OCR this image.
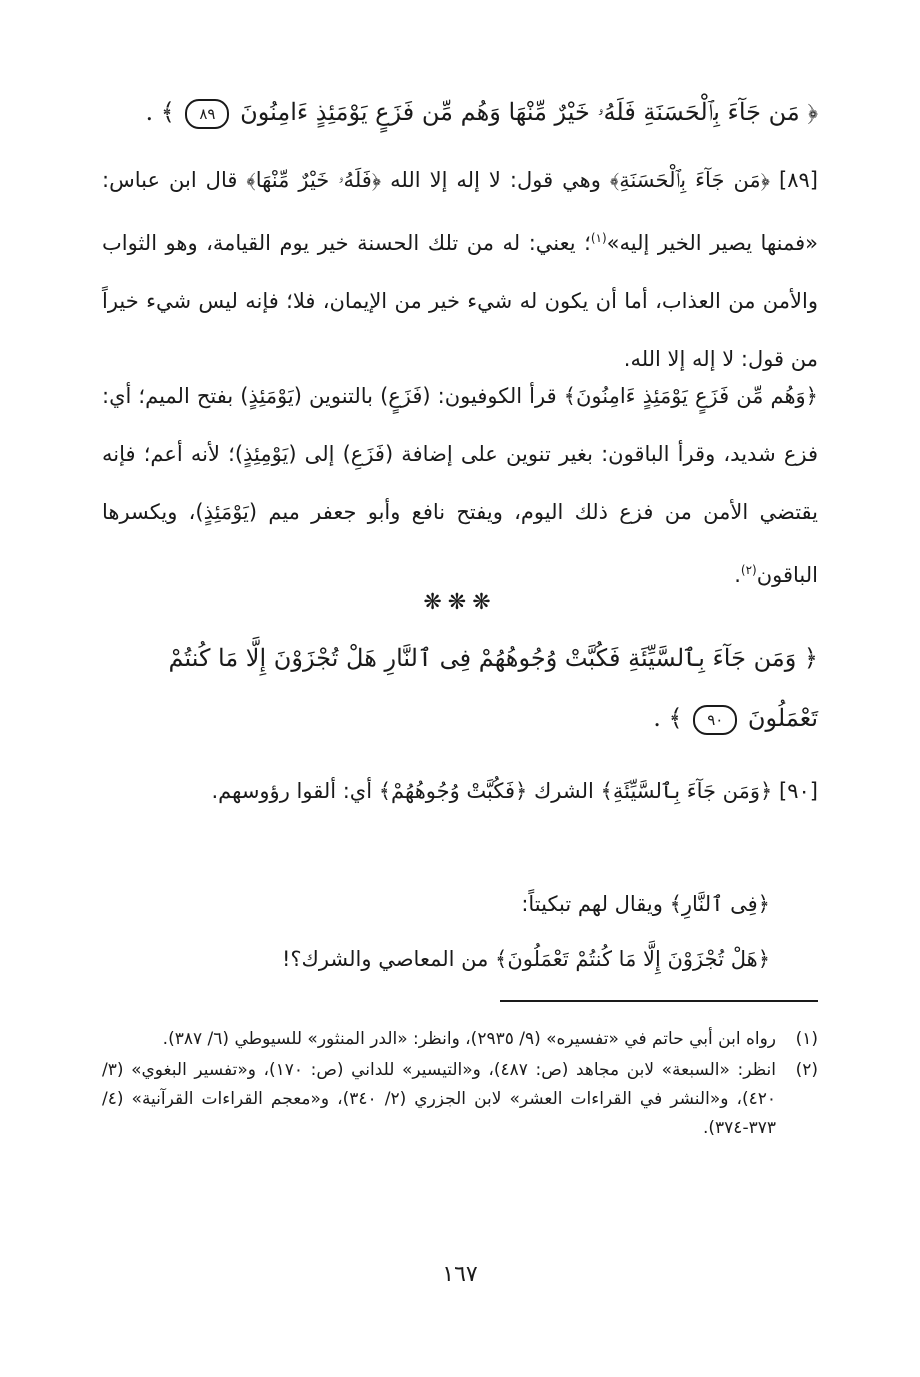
﴿ مَن جَآءَ بِٱلْحَسَنَةِ فَلَهُۥ خَيْرٌ مِّنْهَا وَهُم مِّن فَزَعٍ يَوْمَئِذٍ ءَامِنُونَ ٨٩ ﴾ .
[٨٩] ﴿مَن جَآءَ بِٱلْحَسَنَةِ﴾ وهي قول: لا إله إلا الله ﴿فَلَهُۥ خَيْرٌ مِّنْهَا﴾ قال ابن عباس: «فمنها يصير الخير إليه»$^{(١)}$؛ يعني: له من تلك الحسنة خير يوم القيامة، وهو الثواب والأمن من العذاب، أما أن يكون له شيء خير من الإيمان، فلا؛ فإنه ليس شيء خيراً من قول: لا إله إلا الله.
﴿وَهُم مِّن فَزَعٍ يَوْمَئِذٍ ءَامِنُونَ﴾ قرأ الكوفيون: (فَزَعٍ) بالتنوين (يَوْمَئِذٍ) بفتح الميم؛ أي: فزع شديد، وقرأ الباقون: بغير تنوين على إضافة (فَزَعِ) إلى (يَوْمِئِذٍ)؛ لأنه أعم؛ فإنه يقتضي الأمن من فزع ذلك اليوم، ويفتح نافع وأبو جعفر ميم (يَوْمَئِذٍ)، ويكسرها الباقون$^{(٢)}$.
❋❋❋
﴿ وَمَن جَآءَ بِٱلسَّيِّئَةِ فَكُبَّتْ وُجُوهُهُمْ فِى ٱلنَّارِ هَلْ تُجْزَوْنَ إِلَّا مَا كُنتُمْ تَعْمَلُونَ ٩٠ ﴾ .
[٩٠] ﴿وَمَن جَآءَ بِٱلسَّيِّئَةِ﴾ الشرك ﴿فَكُبَّتْ وُجُوهُهُمْ﴾ أي: ألقوا رؤوسهم.
﴿فِى ٱلنَّارِ﴾ ويقال لهم تبكيتاً:
﴿هَلْ تُجْزَوْنَ إِلَّا مَا كُنتُمْ تَعْمَلُونَ﴾ من المعاصي والشرك؟!
(١)
رواه ابن أبي حاتم في «تفسيره» (٩/ ٢٩٣٥)، وانظر: «الدر المنثور» للسيوطي (٦/ ٣٨٧).
(٢)
انظر: «السبعة» لابن مجاهد (ص: ٤٨٧)، و«التيسير» للداني (ص: ١٧٠)، و«تفسير البغوي» (٣/ ٤٢٠)، و«النشر في القراءات العشر» لابن الجزري (٢/ ٣٤٠)، و«معجم القراءات القرآنية» (٤/ ٣٧٣-٣٧٤).
١٦٧
